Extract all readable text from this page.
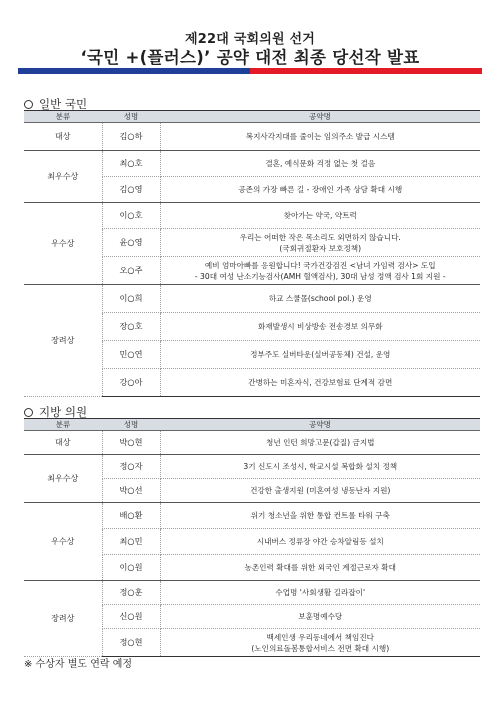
제22대 국회의원 선거
‘국민 +(플러스)’ 공약 대전 최종 당선작 발표
일반 국민
분류	성명	공약명
대상	김○하	복지사각지대를 줄이는 임의주소 발급 시스템
최우수상	최○호	결혼, 예식문화 걱정 없는 첫 걸음
	김○영	공존의 가장 빠른 길 - 장애인 가족 상담 확대 시행
우수상	이○호	찾아가는 약국, 약트럭
	윤○영	우리는 어떠한 작은 목소리도 외면하지 않습니다.
(국회귀절환자 보호정책)

	오○주	예비 엄마아빠를 응원합니다! 국가건강검진 <남녀 가임력 검사> 도입
- 30대 여성 난소기능검사(AMH 혈액검사), 30대 남성 정액 검사 1회 지원 -

장려상	이○희	하교 스쿨몰(school pol.) 운영
	장○호	화재발생시 비상방송 전송경보 의무화
	민○연	정부주도 실버타운(실버공동체) 건설, 운영
	강○아	간병하는 미혼자식, 건강보험료 단계적 감면
지방 의원
분류	성명	공약명
대상	박○현	청년 인턴 희망고문(갑질) 금지법
최우수상	정○자	3기 신도시 조성시, 학교시설 복합화 설치 정책
	박○선	건강한 출생지원 (미혼여성 냉동난자 지원)
우수상	배○환	위기 청소년을 위한 통합 컨트롤 타워 구축
	최○민	시내버스 정류장 야간 승차알림등 설치
	이○원	농촌인력 확대를 위한 외국인 계절근로자 확대
장려상	정○훈	수업명 '사회생활 길라잡이'
	신○원	보훈명예수당
	정○현	백세인생 우리동네에서 책임진다
(노인의료돌봄통합서비스 전면 확대 시행)
※ 수상자 별도 연락 예정
